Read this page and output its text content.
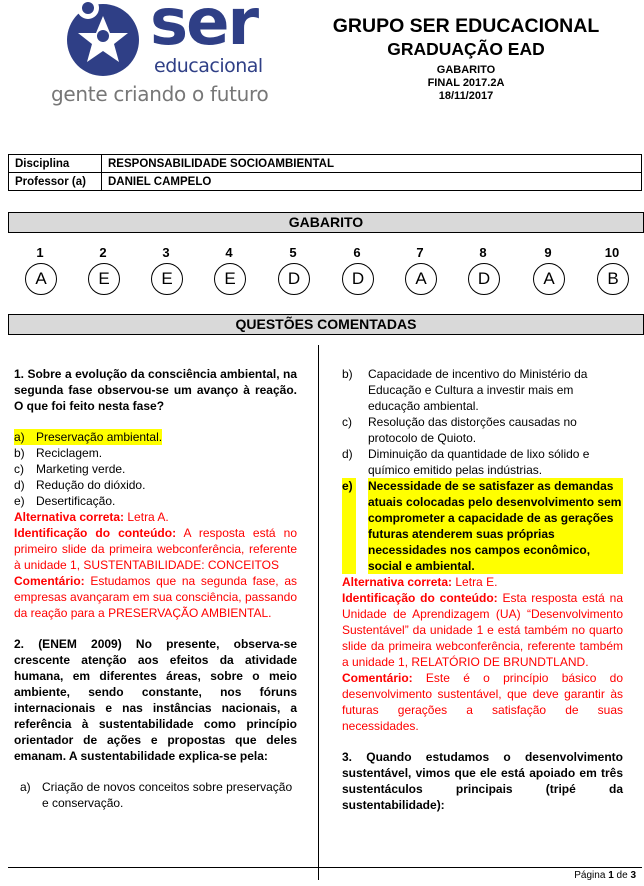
ser
educacional
gente criando o futuro
GRUPO SER EDUCACIONAL
GRADUAÇÃO EAD
GABARITO
FINAL 2017.2A
18/11/2017
Disciplina	RESPONSABILIDADE SOCIOAMBIENTAL
Professor (a)	DANIEL CAMPELO
GABARITO
1	2	3	4	5	6	7	8	9	10
A	E	E	E	D	D	A	D	A	B
QUESTÕES COMENTADAS

1. Sobre a evolução da consciência ambiental, na segunda fase observou-se um avanço à reação. O que foi feito nesta fase?

a) Preservação ambiental.
b) Reciclagem.
c)	Marketing verde.
d) Redução do dióxido.
e) Desertificação.

Alternativa correta: Letra A.

Identificação do conteúdo: A resposta está no primeiro slide da primeira webconferência, referente à unidade 1, SUSTENTABILIDADE: CONCEITOS

Comentário: Estudamos que na segunda fase, as empresas avançaram em sua consciência, passando da reação para a PRESERVAÇÃO AMBIENTAL.

2. (ENEM 2009) No presente, observa-se crescente atenção aos efeitos da atividade humana, em diferentes áreas, sobre o meio ambiente, sendo constante, nos fóruns internacionais e nas instâncias nacionais, a referência à sustentabilidade como princípio orientador de ações e propostas que deles emanam. A sustentabilidade explica-se pela:

a) Criação de novos conceitos sobre preservação e conservação.
b)	Capacidade de incentivo do Ministério da Educação e Cultura a investir mais em educação ambiental.
c)	Resolução das distorções causadas no protocolo de Quioto.
d)	Diminuição da quantidade de lixo sólido e químico emitido pelas indústrias.
e) Necessidade de se satisfazer as demandas atuais colocadas pelo desenvolvimento sem comprometer a capacidade de as gerações futuras atenderem suas próprias necessidades nos campos econômico, social e ambiental.

Alternativa correta: Letra E.

Identificação do conteúdo: Esta resposta está na Unidade de Aprendizagem (UA) “Desenvolvimento Sustentável” da unidade 1 e está também no quarto slide da primeira webconferência, referente também a unidade 1, RELATÓRIO DE BRUNDTLAND.

Comentário: Este é o princípio básico do desenvolvimento sustentável, que deve garantir às futuras gerações a satisfação de suas necessidades.

3. Quando estudamos o desenvolvimento sustentável, vimos que ele está apoiado em três sustentáculos principais (tripé da sustentabilidade):

Página 1 de 3
